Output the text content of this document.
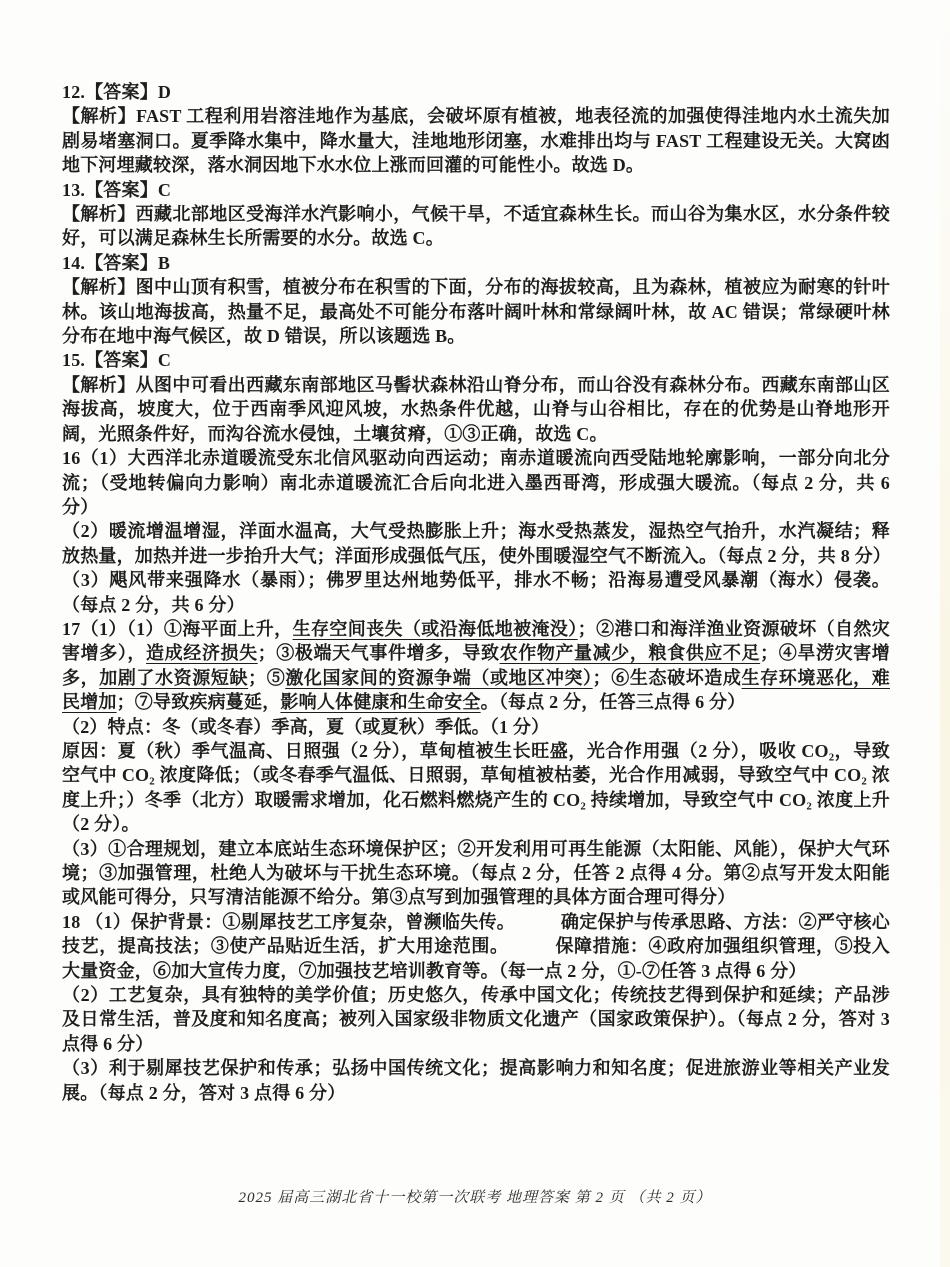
12.【答案】D

【解析】FAST 工程利用岩溶洼地作为基底，会破坏原有植被，地表径流的加强使得洼地内水土流失加剧易堵塞洞口。夏季降水集中，降水量大，洼地地形闭塞，水难排出均与 FAST 工程建设无关。大窝凼地下河埋藏较深，落水洞因地下水水位上涨而回灌的可能性小。故选 D。

13.【答案】C

【解析】西藏北部地区受海洋水汽影响小，气候干旱，不适宜森林生长。而山谷为集水区，水分条件较好，可以满足森林生长所需要的水分。故选 C。

14.【答案】B

【解析】图中山顶有积雪，植被分布在积雪的下面，分布的海拔较高，且为森林，植被应为耐寒的针叶林。该山地海拔高，热量不足，最高处不可能分布落叶阔叶林和常绿阔叶林，故 AC 错误；常绿硬叶林分布在地中海气候区，故 D 错误，所以该题选 B。

15.【答案】C

【解析】从图中可看出西藏东南部地区马髻状森林沿山脊分布，而山谷没有森林分布。西藏东南部山区海拔高，坡度大，位于西南季风迎风坡，水热条件优越，山脊与山谷相比，存在的优势是山脊地形开阔，光照条件好，而沟谷流水侵蚀，土壤贫瘠，①③正确，故选 C。

16（1）大西洋北赤道暖流受东北信风驱动向西运动；南赤道暖流向西受陆地轮廓影响，一部分向北分流；（受地转偏向力影响）南北赤道暖流汇合后向北进入墨西哥湾，形成强大暖流。（每点 2 分，共 6 分）

（2）暖流增温增湿，洋面水温高，大气受热膨胀上升；海水受热蒸发，湿热空气抬升，水汽凝结；释放热量，加热并进一步抬升大气；洋面形成强低气压，使外围暖湿空气不断流入。（每点 2 分，共 8 分）

（3）飓风带来强降水（暴雨）；佛罗里达州地势低平，排水不畅；沿海易遭受风暴潮（海水）侵袭。（每点 2 分，共 6 分）

17（1）（1）①海平面上升，生存空间丧失（或沿海低地被淹没）；②港口和海洋渔业资源破坏（自然灾害增多），造成经济损失；③极端天气事件增多，导致农作物产量减少，粮食供应不足；④旱涝灾害增多，加剧了水资源短缺；⑤激化国家间的资源争端（或地区冲突）；⑥生态破坏造成生存环境恶化，难民增加；⑦导致疾病蔓延，影响人体健康和生命安全。（每点 2 分，任答三点得 6 分）

（2）特点：冬（或冬春）季高，夏（或夏秋）季低。（1 分）

原因：夏（秋）季气温高、日照强（2 分），草甸植被生长旺盛，光合作用强（2 分），吸收 CO₂，导致空气中 CO₂ 浓度降低；（或冬春季气温低、日照弱，草甸植被枯萎，光合作用减弱，导致空气中 CO₂ 浓度上升；）冬季（北方）取暖需求增加，化石燃料燃烧产生的 CO₂ 持续增加，导致空气中 CO₂ 浓度上升（2 分）。

（3）①合理规划，建立本底站生态环境保护区；②开发利用可再生能源（太阳能、风能），保护大气环境；③加强管理，杜绝人为破坏与干扰生态环境。（每点 2 分，任答 2 点得 4 分。第②点写开发太阳能或风能可得分，只写清洁能源不给分。第③点写到加强管理的具体方面合理可得分）

18 （1）保护背景：①剔犀技艺工序复杂，曾濒临失传。　　　确定保护与传承思路、方法：②严守核心技艺，提高技法；③使产品贴近生活，扩大用途范围。　　　保障措施：④政府加强组织管理，⑤投入大量资金，⑥加大宣传力度，⑦加强技艺培训教育等。（每一点 2 分，①-⑦任答 3 点得 6 分）

（2）工艺复杂，具有独特的美学价值；历史悠久，传承中国文化；传统技艺得到保护和延续；产品涉及日常生活，普及度和知名度高；被列入国家级非物质文化遗产（国家政策保护）。（每点 2 分，答对 3 点得 6 分）

（3）利于剔犀技艺保护和传承；弘扬中国传统文化；提高影响力和知名度；促进旅游业等相关产业发展。（每点 2 分，答对 3 点得 6 分）

2025 届高三湖北省十一校第一次联考 地理答案 第 2 页 （共 2 页）
